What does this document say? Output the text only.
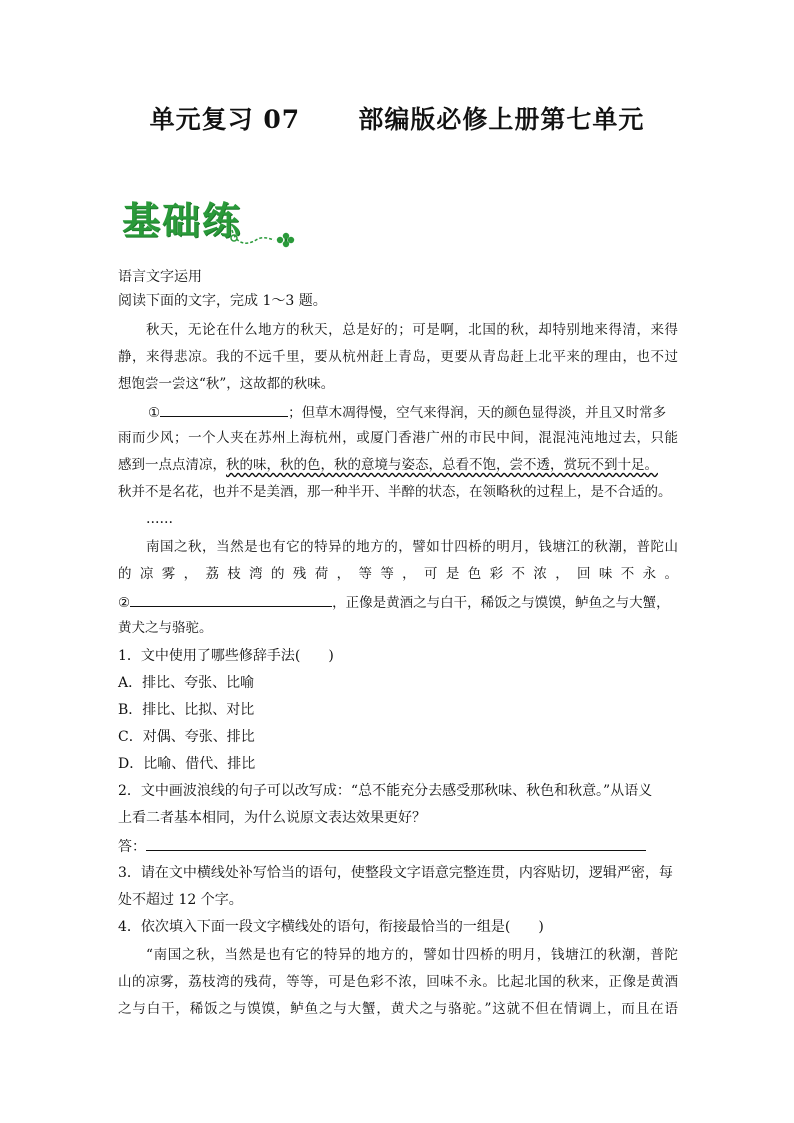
单元复习 07      部编版必修上册第七单元
基础练
语言文字运用
阅读下面的文字，完成 1～3 题。
秋天，无论在什么地方的秋天，总是好的；可是啊，北国的秋，却特别地来得清，来得
静，来得悲凉。我的不远千里，要从杭州赶上青岛，更要从青岛赶上北平来的理由，也不过
想饱尝一尝这“秋”，这故都的秋味。
①	；但草木凋得慢，空气来得润，天的颜色显得淡，并且又时常多
雨而少风；一个人夹在苏州上海杭州，或厦门香港广州的市民中间，混混沌沌地过去，只能
感到一点点清凉，秋的味，秋的色，秋的意境与姿态，总看不饱，尝不透，赏玩不到十足。
秋并不是名花，也并不是美酒，那一种半开、半醉的状态，在领略秋的过程上，是不合适的。
……
南国之秋，当然是也有它的特异的地方的，譬如廿四桥的明月，钱塘江的秋潮，普陀山
的 凉 雾 ， 荔 枝 湾 的 残 荷 ， 等 等 ， 可 是 色 彩 不 浓 ， 回 味 不 永 。
②	，正像是黄酒之与白干，稀饭之与馍馍，鲈鱼之与大蟹，
黄犬之与骆驼。
1．文中使用了哪些修辞手法(　　)
A．排比、夸张、比喻
B．排比、比拟、对比
C．对偶、夸张、排比
D．比喻、借代、排比
2．文中画波浪线的句子可以改写成：“总不能充分去感受那秋味、秋色和秋意。”从语义
上看二者基本相同，为什么说原文表达效果更好？
答：
3．请在文中横线处补写恰当的语句，使整段文字语意完整连贯，内容贴切，逻辑严密，每
处不超过 12 个字。
4．依次填入下面一段文字横线处的语句，衔接最恰当的一组是(　　)
“南国之秋，当然是也有它的特异的地方的，譬如廿四桥的明月，钱塘江的秋潮，普陀
山的凉雾，荔枝湾的残荷，等等，可是色彩不浓，回味不永。比起北国的秋来，正像是黄酒
之与白干，稀饭之与馍馍，鲈鱼之与大蟹，黄犬之与骆驼。”这就不但在情调上，而且在语
